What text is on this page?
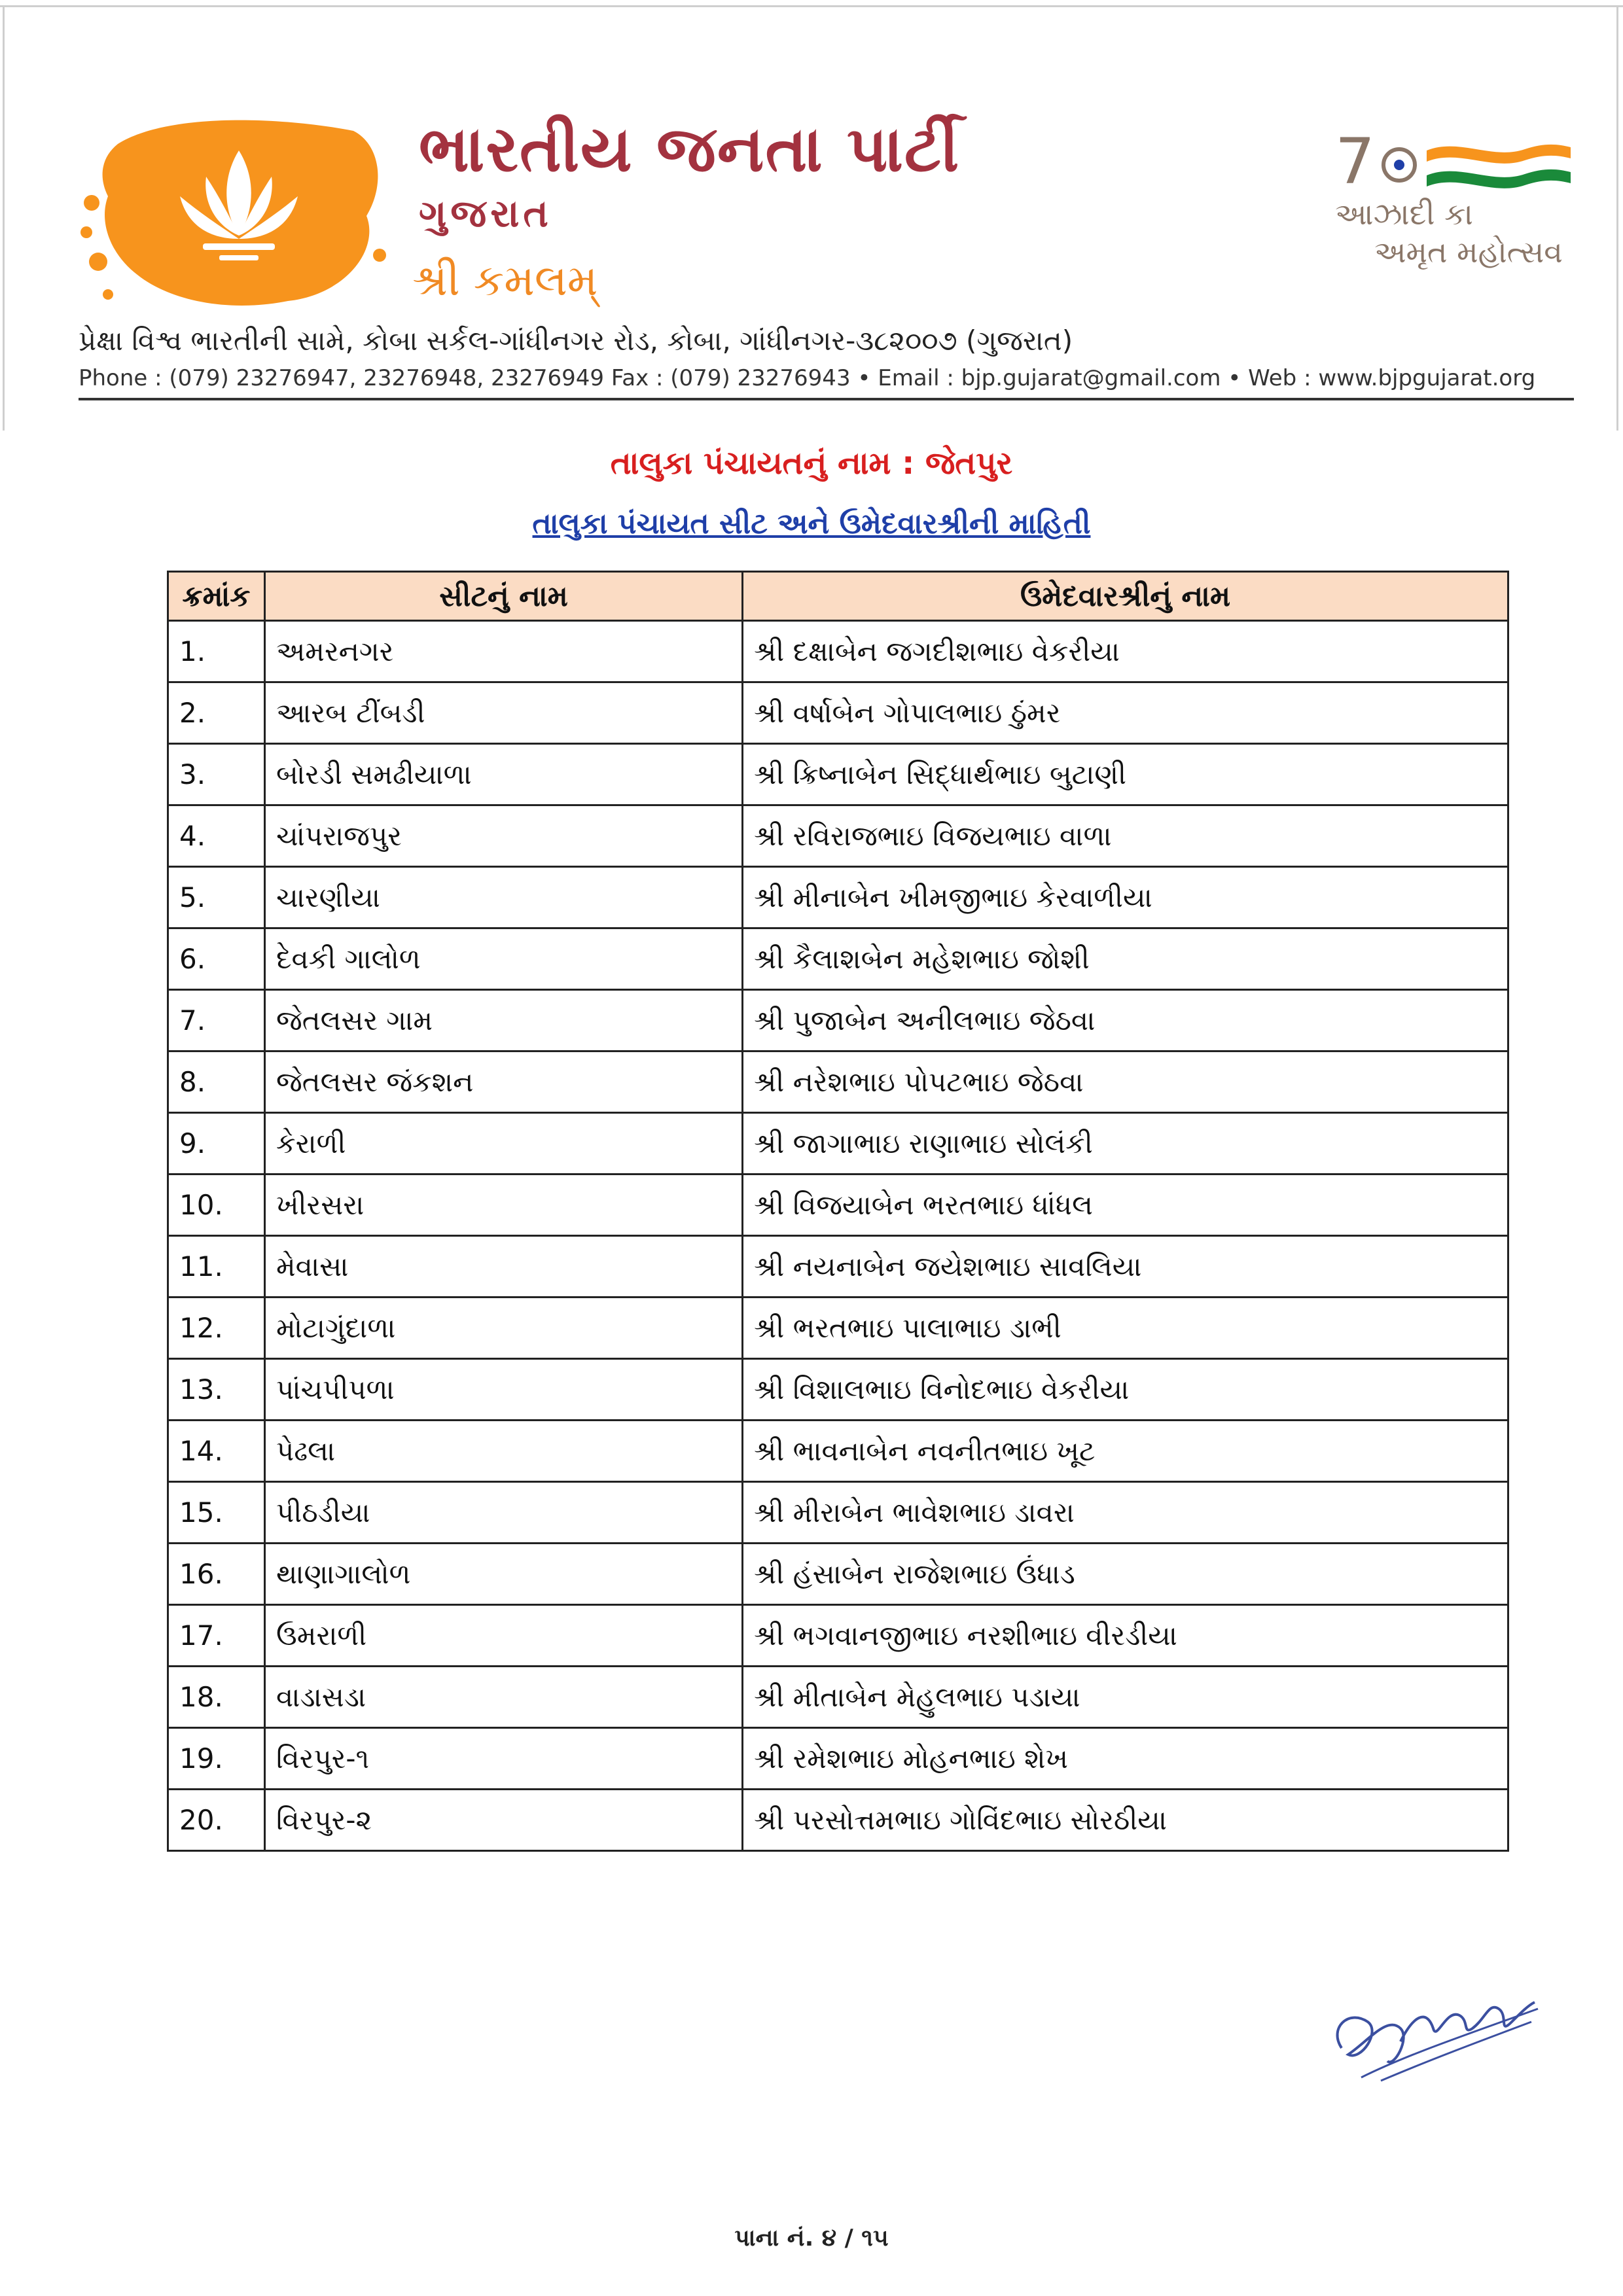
ભારતીય જનતા પાર્ટી
ગુજરાત
શ્રી કમલમ્
7
આઝાદી કા
અમૃત મહોત્સવ
પ્રેક્ષા વિશ્વ ભારતીની સામે, કોબા સર્કલ-ગાંધીનગર રોડ, કોબા, ગાંધીનગર-૩૮૨૦૦૭ (ગુજરાત)
Phone : (079) 23276947, 23276948, 23276949 Fax : (079) 23276943 • Email : bjp.gujarat@gmail.com • Web : www.bjpgujarat.org
તાલુકા પંચાયતનું નામ : જેતપુર
તાલુકા પંચાયત સીટ અને ઉમેદવારશ્રીની માહિતી
ક્રમાંક	સીટનું નામ	ઉમેદવારશ્રીનું નામ
1.	અમરનગર	શ્રી દક્ષાબેન જગદીશભાઇ વેકરીયા
2.	આરબ ટીંબડી	શ્રી વર્ષાબેન ગોપાલભાઇ ઠુંમર
3.	બોરડી સમઢીયાળા	શ્રી ક્રિષ્નાબેન સિદ્ધાર્થભાઇ બુટાણી
4.	ચાંપરાજપુર	શ્રી રવિરાજભાઇ વિજયભાઇ વાળા
5.	ચારણીયા	શ્રી મીનાબેન ખીમજીભાઇ કેરવાળીયા
6.	દેવકી ગાલોળ	શ્રી કૈલાશબેન મહેશભાઇ જોશી
7.	જેતલસર ગામ	શ્રી પુજાબેન અનીલભાઇ જેઠવા
8.	જેતલસર જંકશન	શ્રી નરેશભાઇ પોપટભાઇ જેઠવા
9.	કેરાળી	શ્રી જાગાભાઇ રાણાભાઇ સોલંકી
10.	ખીરસરા	શ્રી વિજયાબેન ભરતભાઇ ધાંધલ
11.	મેવાસા	શ્રી નયનાબેન જયેશભાઇ સાવલિયા
12.	મોટાગુંદાળા	શ્રી ભરતભાઇ પાલાભાઇ ડાભી
13.	પાંચપીપળા	શ્રી વિશાલભાઇ વિનોદભાઇ વેકરીયા
14.	પેઢલા	શ્રી ભાવનાબેન નવનીતભાઇ ખૂટ
15.	પીઠડીયા	શ્રી મીરાબેન ભાવેશભાઇ ડાવરા
16.	થાણાગાલોળ	શ્રી હંસાબેન રાજેશભાઇ ઉંધાડ
17.	ઉમરાળી	શ્રી ભગવાનજીભાઇ નરશીભાઇ વીરડીયા
18.	વાડાસડા	શ્રી મીતાબેન મેહુલભાઇ પડાયા
19.	વિરપુર-૧	શ્રી રમેશભાઇ મોહનભાઇ શેખ
20.	વિરપુર-૨	શ્રી પરસોત્તમભાઇ ગોવિંદભાઇ સોરઠીયા
પાના નં. ૪ / ૧૫
